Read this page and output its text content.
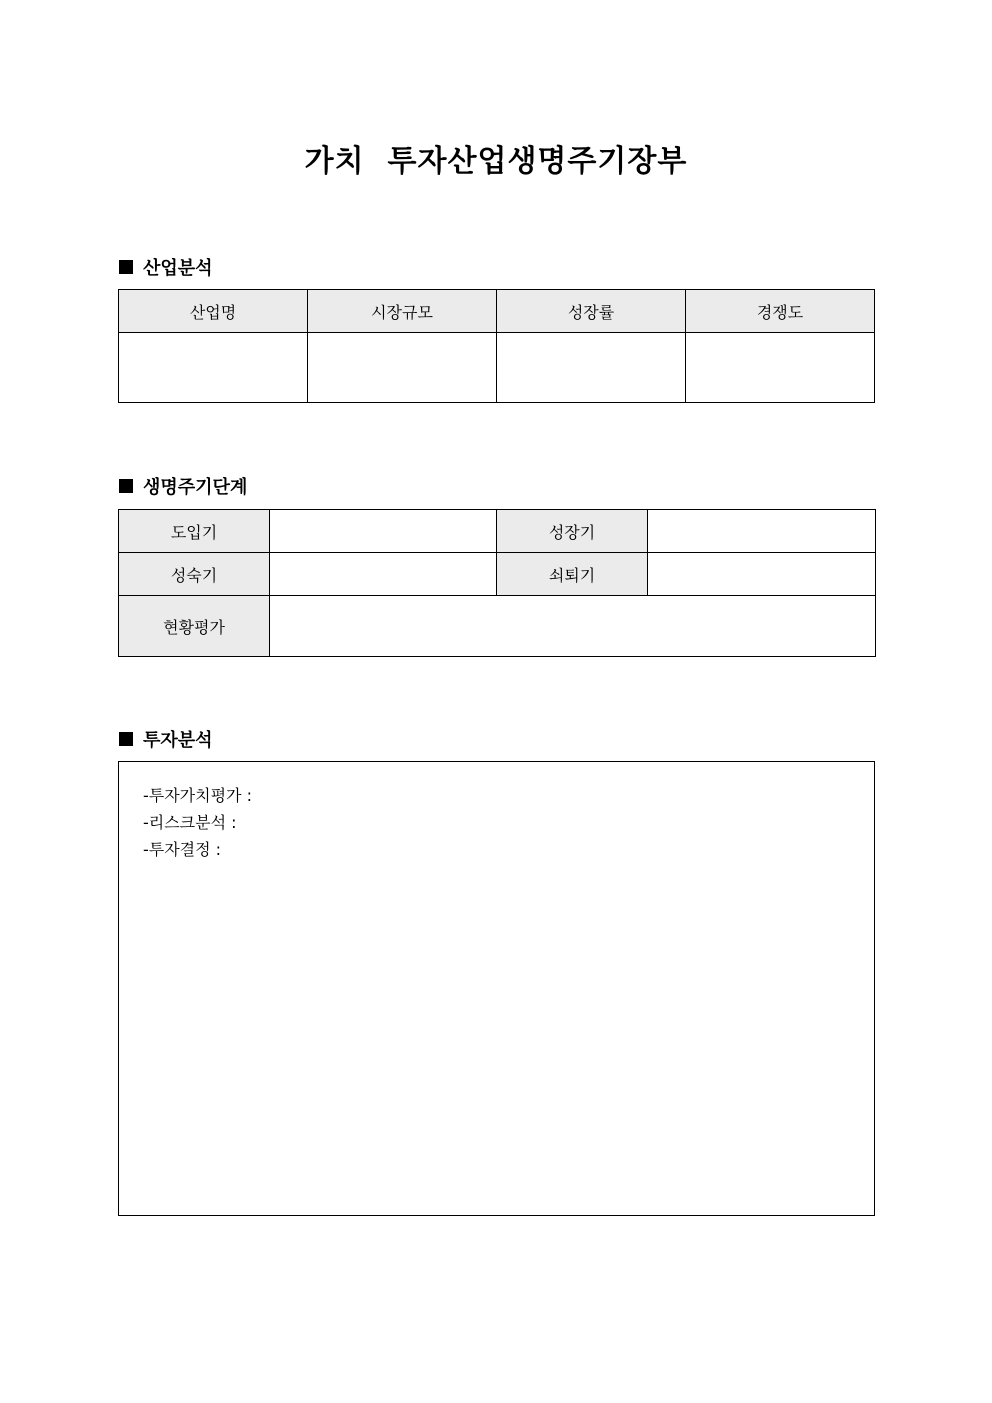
가치  투자산업생명주기장부
산업분석
산업명	시장규모	성장률	경쟁도

생명주기단계
도입기		성장기	
성숙기		쇠퇴기	
현황평가			
투자분석
-투자가치평가 :
-리스크분석 :
-투자결정 :
